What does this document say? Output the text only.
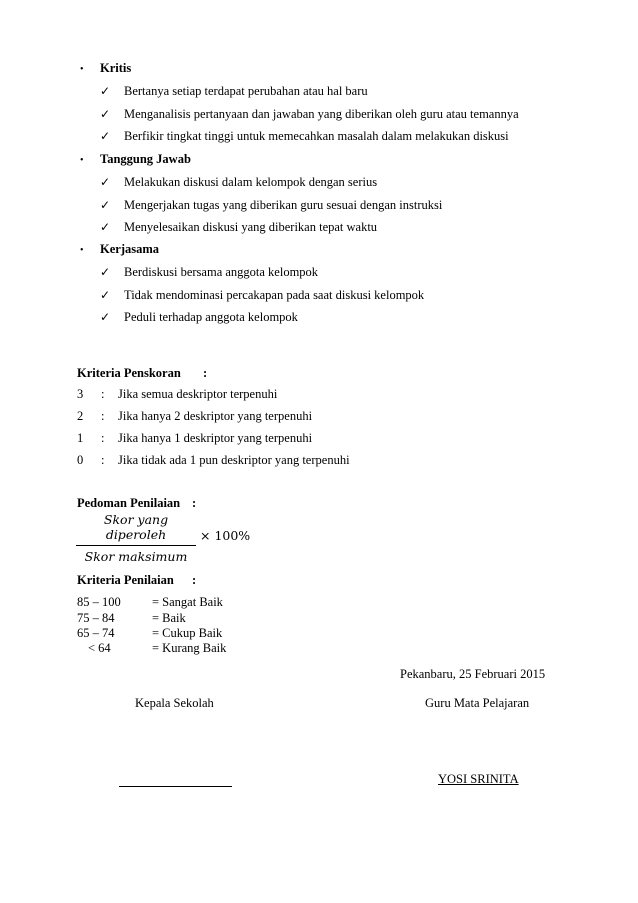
• Kritis
✓ Bertanya setiap terdapat perubahan atau hal baru
✓ Menganalisis pertanyaan dan jawaban yang diberikan oleh guru atau temannya
✓ Berfikir tingkat tinggi untuk memecahkan masalah dalam melakukan diskusi
• Tanggung Jawab
✓ Melakukan diskusi dalam kelompok dengan serius
✓ Mengerjakan tugas yang diberikan guru sesuai dengan instruksi
✓ Menyelesaikan diskusi yang diberikan tepat waktu
• Kerjasama
✓ Berdiskusi bersama anggota kelompok
✓ Tidak mendominasi percakapan pada saat diskusi kelompok
✓ Peduli terhadap anggota kelompok
Kriteria Penskoran :
3 : Jika semua deskriptor terpenuhi
2 : Jika hanya 2 deskriptor yang terpenuhi
1 : Jika hanya 1 deskriptor yang terpenuhi
0 : Jika tidak ada 1 pun deskriptor yang terpenuhi
Pedoman Penilaian :
Skor yang diperoleh
Skor maksimum
× 100%
Kriteria Penilaian :
85 – 100	= Sangat Baik
75 – 84	= Baik
65 – 74	= Cukup Baik
< 64	= Kurang Baik
Pekanbaru, 25 Februari 2015
Kepala Sekolah	Guru Mata Pelajaran
YOSI SRINITA
